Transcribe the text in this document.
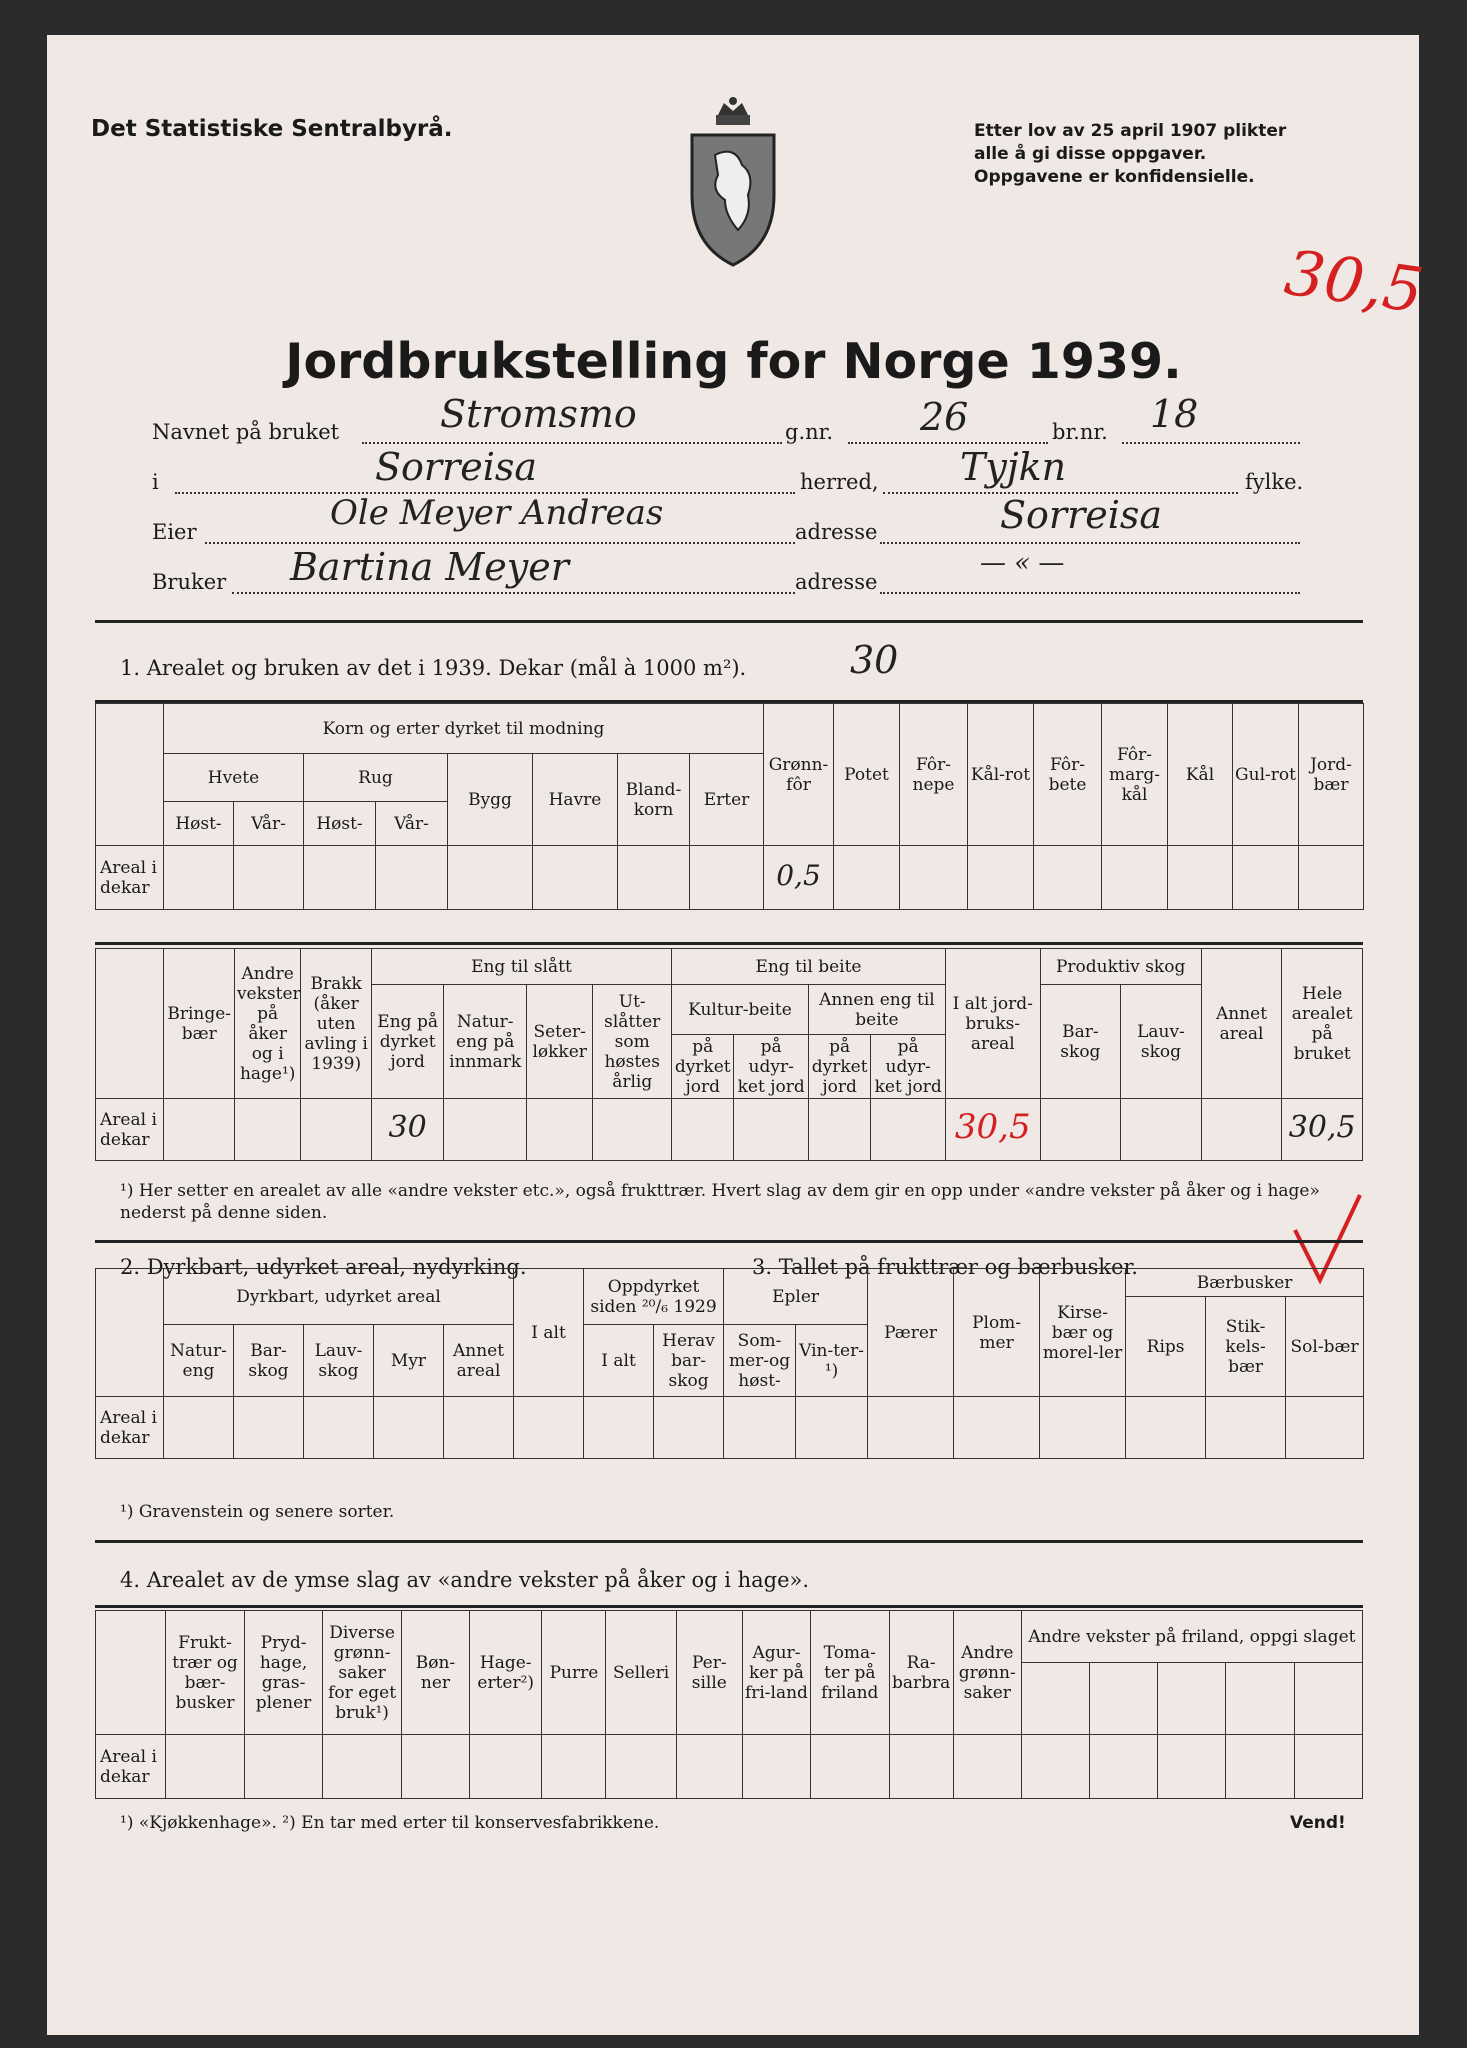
Det Statistiske Sentralbyrå.	Etter lov av 25 april 1907 plikter
alle å gi disse oppgaver.
Oppgavene er konfidensielle.
30,5
Jordbrukstelling for Norge 1939.
Navnet på bruket	Stromsmo	g.nr. 26	br.nr. 18
i	Sorreisa	herred, Tyjkn	fylke.
Eier	Ole Meyer Andreas	adresse	Sorreisa
Bruker Bartina Meyer	adresse
— « —
1. Arealet og bruken av det i 1939. Dekar (mål à 1000 m²).	30
	Korn og erter dyrket til modning								Grønn-fôr	Potet	Fôr-nepe	Kål-rot	Fôr-bete	Fôr-marg-kål	Kål	Gul-rot	Jord-bær
	Hvete		Rug		Bygg	Havre	Bland-korn	Erter									
	Høst-	Vår-	Høst-	Vår-													
Areal i dekar									0,5								
	Bringe-bær	Andre vekster på åker og i hage¹)	Brakk (åker uten avling i 1939)	Eng til slått				Eng til beite				I alt jord-bruks-areal	Produktiv skog		Annet areal	Hele arealet på bruket
				Eng på dyrket jord	Natur-eng på innmark	Seter-løkker	Ut-slåtter som høstes årlig	Kultur-beite		Annen eng til beite			Bar-skog	Lauv-skog		
								på dyrket jord	på udyr-ket jord	på dyrket jord	på udyr-ket jord					
Areal i dekar				30								30,5				30,5
¹) Her setter en arealet av alle «andre vekster etc.», også frukttrær. Hvert slag av dem gir en opp under «andre vekster på åker og i hage» nederst på denne siden.
2. Dyrkbart, udyrket areal, nydyrking.	3. Tallet på frukttrær og bærbusker.
	Dyrkbart, udyrket areal					I alt	Oppdyrket siden ²⁰/₆ 1929		Epler		Pærer	Plom-mer	Kirse-bær og morel-ler	Bærbusker		
														Rips	Stik-kels-bær	Sol-bær
	Natur-eng	Bar-skog	Lauv-skog	Myr	Annet areal		I alt	Herav bar-skog	Som-mer-og høst-	Vin-ter-¹)						
Areal i dekar																
¹) Gravenstein og senere sorter.
4. Arealet av de ymse slag av «andre vekster på åker og i hage».
	Frukt-trær og bær-busker	Pryd-hage, gras-plener	Diverse grønn-saker for eget bruk¹)	Bøn-ner	Hage-erter²)	Purre	Selleri	Per-sille	Agur-ker på fri-land	Toma-ter på friland	Ra-barbra	Andre grønn-saker	Andre vekster på friland, oppgi slaget				

Areal i dekar																	
¹) «Kjøkkenhage». ²) En tar med erter til konservesfabrikkene.	Vend!
